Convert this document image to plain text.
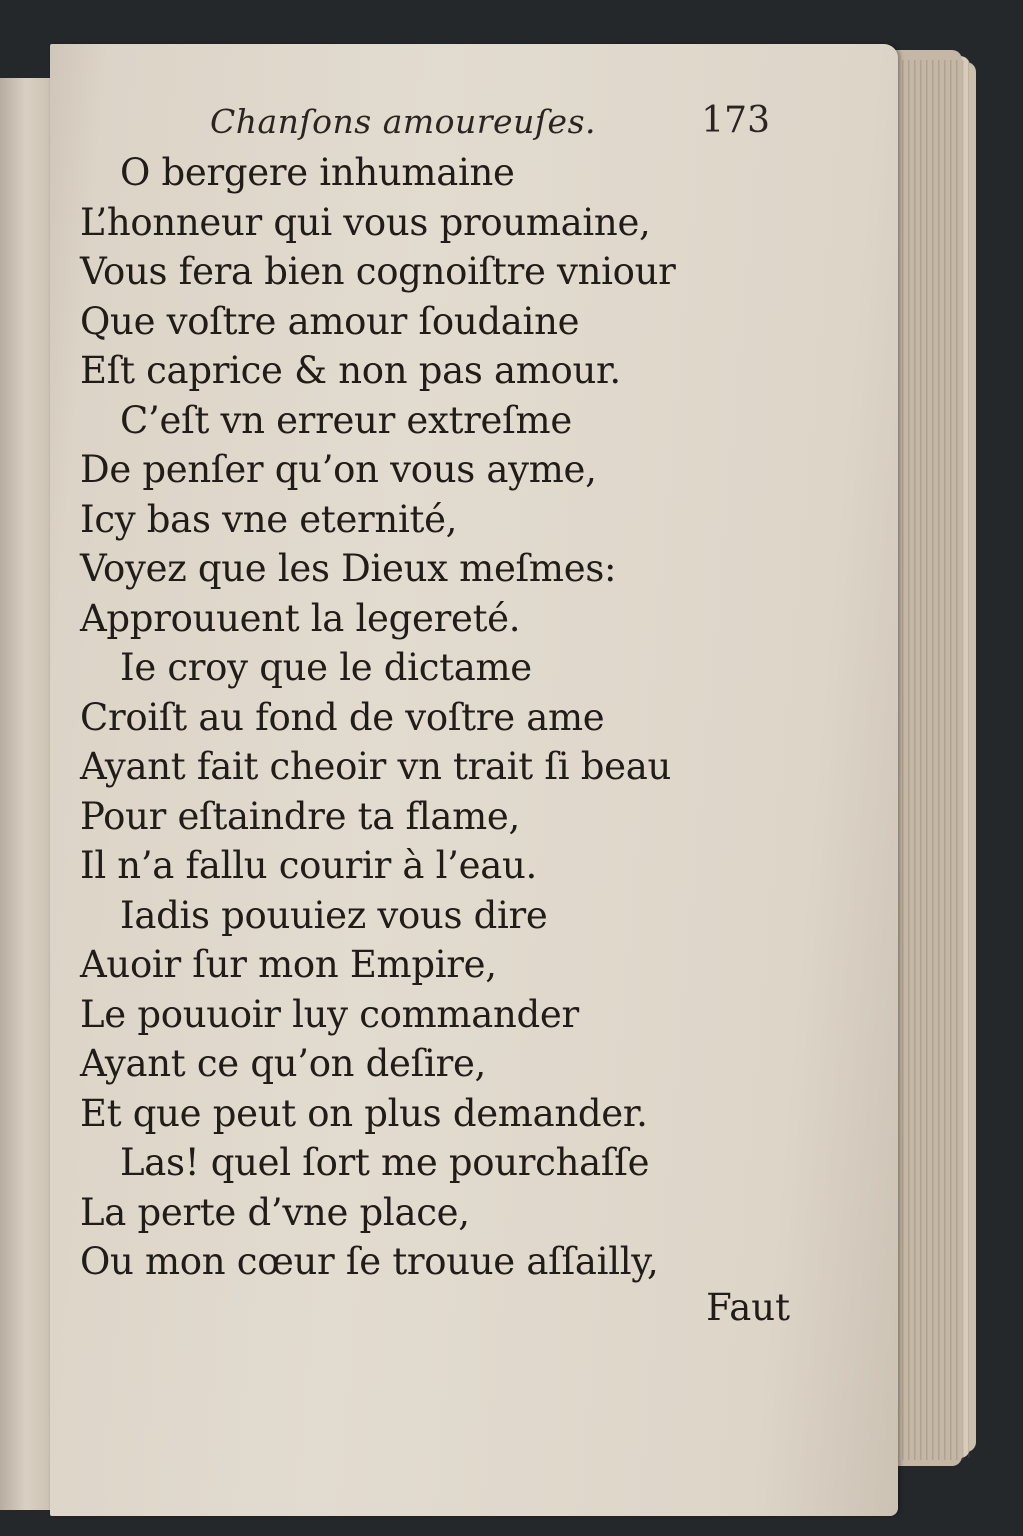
Chanſons amoureuſes.	173
O bergere inhumaine
L’honneur qui vous proumaine,
Vous fera bien cognoiſtre vniour
Que voſtre amour ſoudaine
Eſt caprice & non pas amour.
C’eſt vn erreur extreſme
De penſer qu’on vous ayme,
Icy bas vne eternité,
Voyez que les Dieux meſmes:
Approuuent la legereté.
Ie croy que le dictame
Croiſt au fond de voſtre ame
Ayant fait cheoir vn trait ſi beau
Pour eſtaindre ta flame,
Il n’a fallu courir à l’eau.
Iadis pouuiez vous dire
Auoir ſur mon Empire,
Le pouuoir luy commander
Ayant ce qu’on deſire,
Et que peut on plus demander.
Las! quel ſort me pourchaſſe
La perte d’vne place,
Ou mon cœur ſe trouue aſſailly,
Faut
